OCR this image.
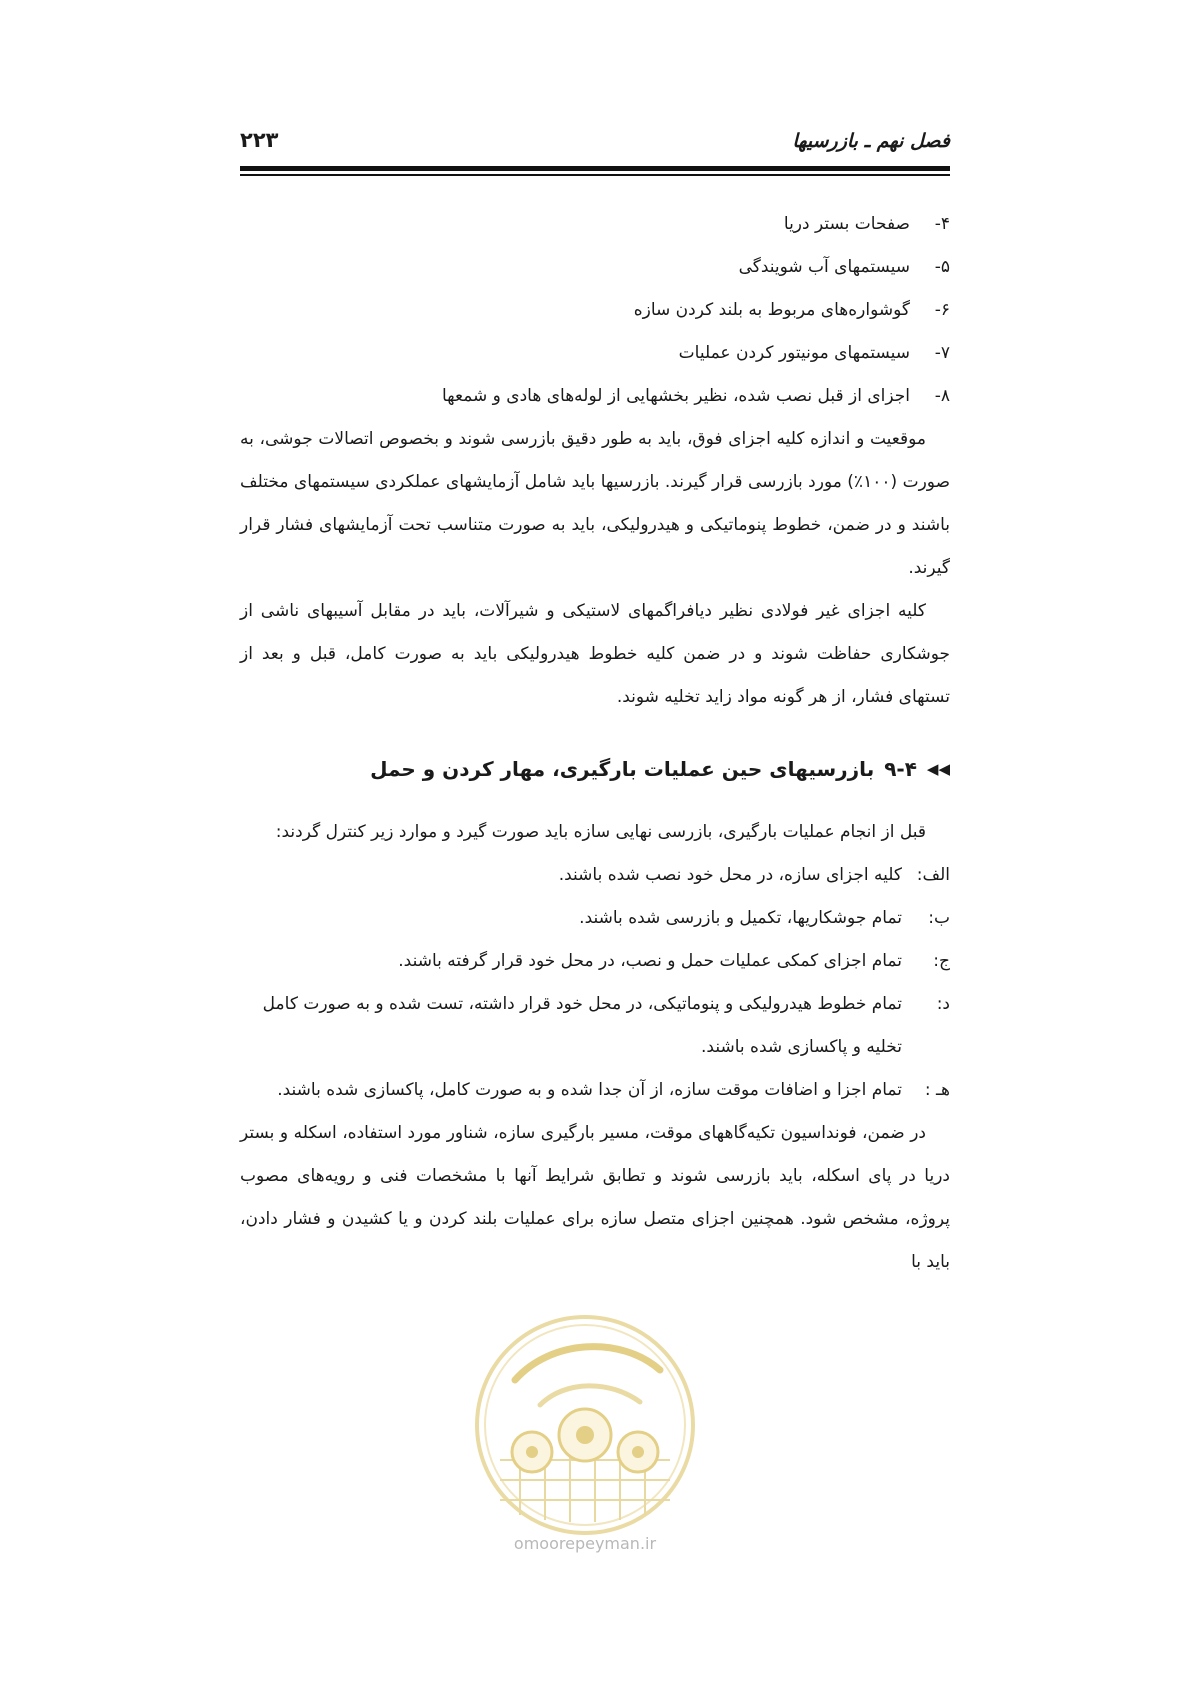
فصل نهم ـ بازرسیها
۲۲۳
۴-
صفحات بستر دریا
۵-
سیستمهای آب شویندگی
۶-
گوشواره‌های مربوط به بلند کردن سازه
۷-
سیستمهای مونیتور کردن عملیات
۸-
اجزای از قبل نصب شده، نظیر بخشهایی از لوله‌های هادی و شمعها

موقعیت و اندازه کلیه اجزای فوق، باید به طور دقیق بازرسی شوند و بخصوص اتصالات جوشی، به صورت (۱۰۰٪) مورد بازرسی قرار گیرند. بازرسیها باید شامل آزمایشهای عملکردی سیستمهای مختلف باشند و در ضمن، خطوط پنوماتیکی و هیدرولیکی، باید به صورت متناسب تحت آزمایشهای فشار قرار گیرند.

کلیه اجزای غیر فولادی نظیر دیافراگمهای لاستیکی و شیرآلات، باید در مقابل آسیبهای ناشی از جوشکاری حفاظت شوند و در ضمن کلیه خطوط هیدرولیکی باید به صورت کامل، قبل و بعد از تستهای فشار، از هر گونه مواد زاید تخلیه شوند.

◀◀
۹-۴
بازرسیهای حین عملیات بارگیری، مهار کردن و حمل

قبل از انجام عملیات بارگیری، بازرسی نهایی سازه باید صورت گیرد و موارد زیر کنترل گردند:

الف:
کلیه اجزای سازه، در محل خود نصب شده باشند.
ب:
تمام جوشکاریها، تکمیل و بازرسی شده باشند.
ج:
تمام اجزای کمکی عملیات حمل و نصب، در محل خود قرار گرفته باشند.
د:
تمام خطوط هیدرولیکی و پنوماتیکی، در محل خود قرار داشته، تست شده و به صورت کامل تخلیه و پاکسازی شده باشند.
هـ :
تمام اجزا و اضافات موقت سازه، از آن جدا شده و به صورت کامل، پاکسازی شده باشند.

در ضمن، فونداسیون تکیه‌گاههای موقت، مسیر بارگیری سازه، شناور مورد استفاده، اسکله و بستر دریا در پای اسکله، باید بازرسی شوند و تطابق شرایط آنها با مشخصات فنی و رویه‌های مصوب پروژه، مشخص شود. همچنین اجزای متصل سازه برای عملیات بلند کردن و یا کشیدن و فشار دادن، باید با

omoorepeyman.ir
